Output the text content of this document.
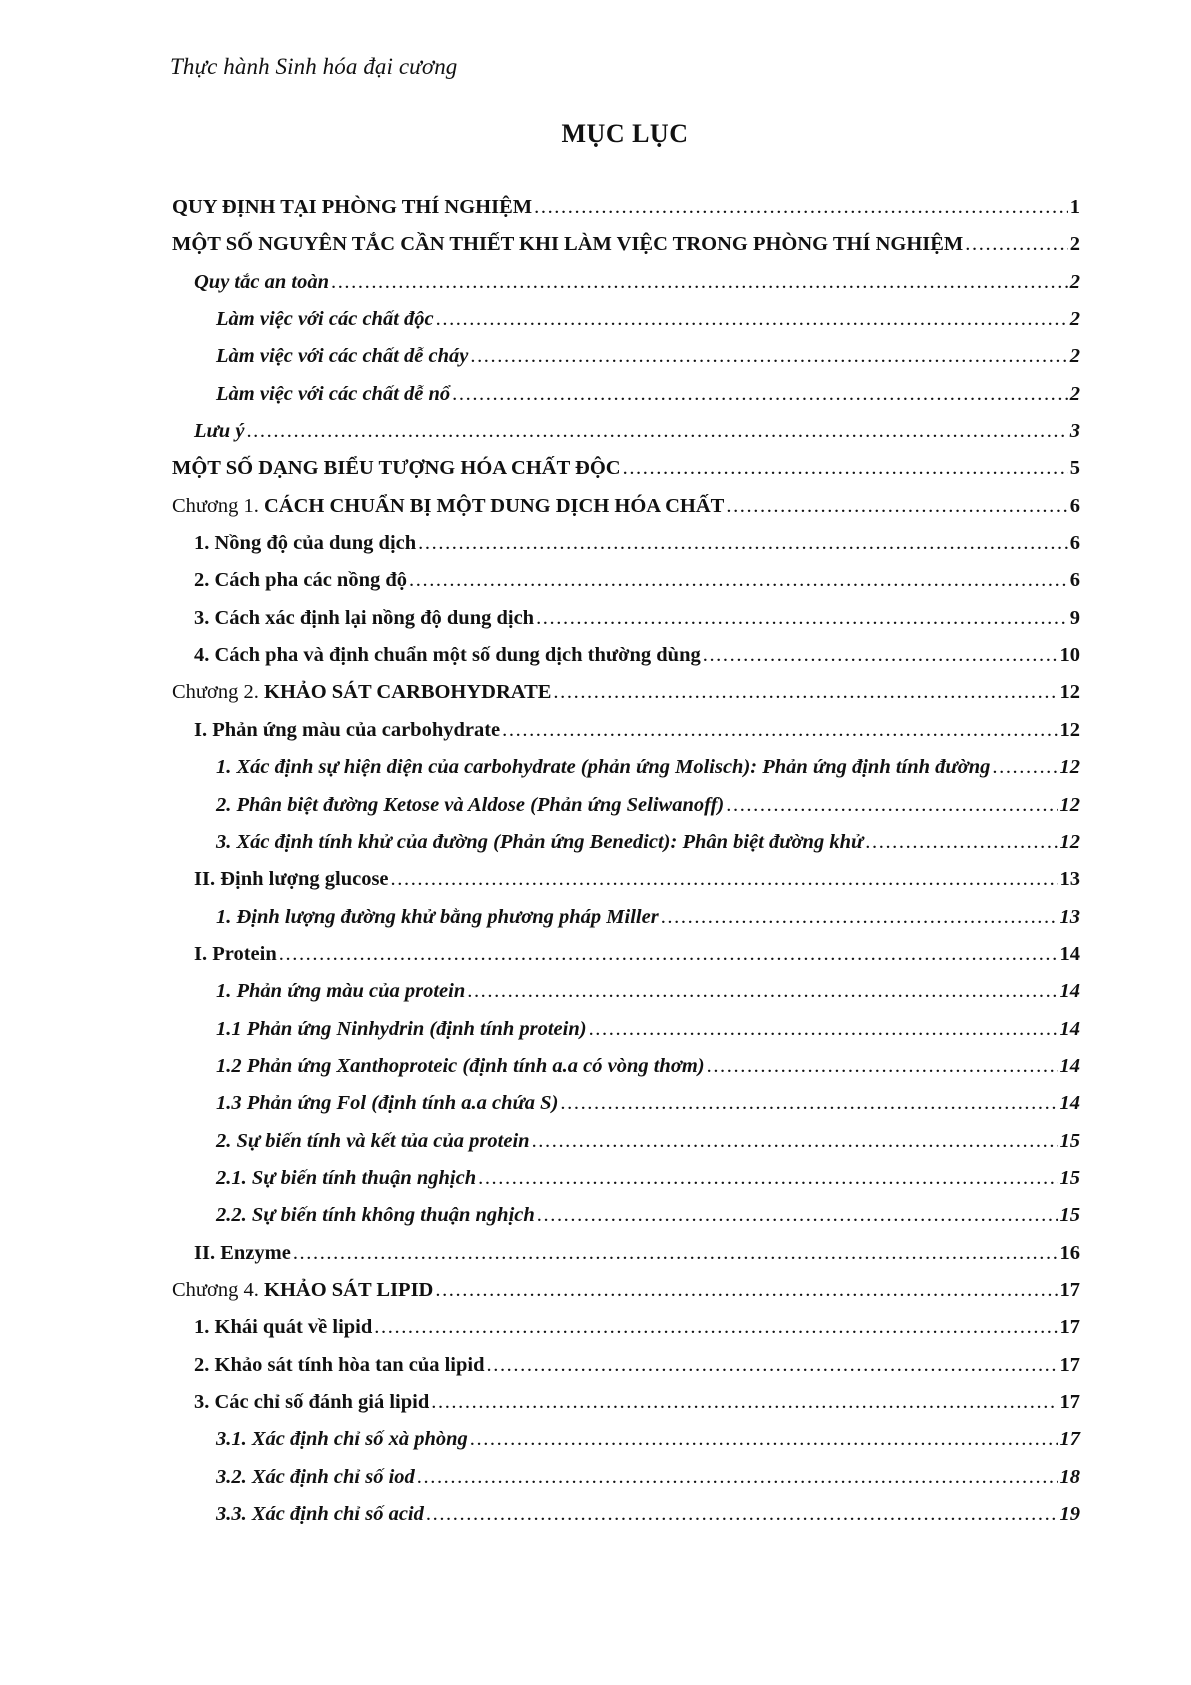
Thực hành Sinh hóa đại cương
MỤC LỤC
QUY ĐỊNH TẠI PHÒNG THÍ NGHIỆM .....	1
MỘT SỐ NGUYÊN TẮC CẦN THIẾT KHI LÀM VIỆC TRONG PHÒNG THÍ NGHIỆM .....	2
Quy tắc an toàn .....	2
Làm việc với các chất độc .....	2
Làm việc với các chất dễ cháy .....	2
Làm việc với các chất dễ nổ .....	2
Lưu ý .....	3
MỘT SỐ DẠNG BIỂU TƯỢNG HÓA CHẤT ĐỘC .....	5
Chương 1. CÁCH CHUẨN BỊ MỘT DUNG DỊCH HÓA CHẤT .....	6
1. Nồng độ của dung dịch .....	6
2. Cách pha các nồng độ .....	6
3. Cách xác định lại nồng độ dung dịch .....	9
4. Cách pha và định chuẩn một số dung dịch thường dùng .....	10
Chương 2. KHẢO SÁT CARBOHYDRATE .....	12
I. Phản ứng màu của carbohydrate .....	12
1. Xác định sự hiện diện của carbohydrate (phản ứng Molisch): Phản ứng định tính đường .....	12
2. Phân biệt đường Ketose và Aldose (Phản ứng Seliwanoff) .....	12
3. Xác định tính khử của đường (Phản ứng Benedict): Phân biệt đường khử .....	12
II. Định lượng glucose .....	13
1. Định lượng đường khử bằng phương pháp Miller .....	13
I. Protein .....	14
1. Phản ứng màu của protein .....	14
1.1 Phản ứng Ninhydrin (định tính protein) .....	14
1.2 Phản ứng Xanthoproteic (định tính a.a có vòng thơm) .....	14
1.3 Phản ứng Fol (định tính a.a chứa S) .....	14
2. Sự biến tính và kết tủa của protein .....	15
2.1. Sự biến tính thuận nghịch .....	15
2.2. Sự biến tính không thuận nghịch .....	15
II. Enzyme .....	16
Chương 4. KHẢO SÁT LIPID .....	17
1. Khái quát về lipid .....	17
2. Khảo sát tính hòa tan của lipid .....	17
3. Các chỉ số đánh giá lipid .....	17
3.1. Xác định chỉ số xà phòng .....	17
3.2. Xác định chỉ số iod .....	18
3.3. Xác định chỉ số acid .....	19
